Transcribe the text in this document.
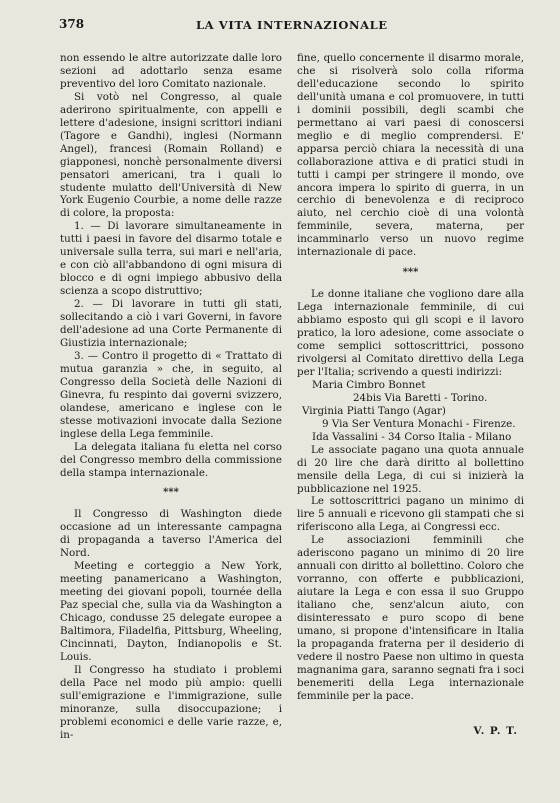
378	LA VITA INTERNAZIONALE

non essendo le altre autorizzate dalle loro sezioni ad adottarlo senza esame preventivo del loro Comitato nazionale.

Si votò nel Congresso, al quale aderirono spiritualmente, con appelli e lettere d'adesione, insigni scrittori indiani (Tagore e Gandhi), inglesi (Normann Angel), francesi (Romain Rolland) e giapponesi, nonchè personalmente diversi pensatori americani, tra i quali lo studente mulatto dell'Università di New York Eugenio Courbie, a nome delle razze di colore, la proposta:

1. — Di lavorare simultaneamente in tutti i paesi in favore del disarmo totale e universale sulla terra, sui mari e nell'aria, e con ciò all'abbandono di ogni misura di blocco e di ogni impiego abbusivo della scienza a scopo distruttivo;

2. — Di lavorare in tutti gli stati, sollecitando a ciò i vari Governi, in favore dell'adesione ad una Corte Permanente di Giustizia internazionale;

3. — Contro il progetto di « Trattato di mutua garanzia » che, in seguito, al Congresso della Società delle Nazioni di Ginevra, fu respinto dai governi svizzero, olandese, americano e inglese con le stesse motivazioni invocate dalla Sezione inglese della Lega femminile.

La delegata italiana fu eletta nel corso del Congresso membro della commissione della stampa internazionale.

***

Il Congresso di Washington diede occasione ad un interessante campagna di propaganda a taverso l'America del Nord.

Meeting e corteggio a New York, meeting panamericano a Washington, meeting dei giovani popoli, tournée della Paz special che, sulla via da Washington a Chicago, condusse 25 delegate europee a Baltimora, Filadelfia, Pittsburg, Wheeling, Cincinnati, Dayton, Indianopolis e St. Louis.

Il Congresso ha studiato i problemi della Pace nel modo più ampio: quelli sull'emigrazione e l'immigrazione, sulle minoranze, sulla disoccupazione; i problemi economici e delle varie razze, e, in-

fine, quello concernente il disarmo morale, che si risolverà solo colla riforma dell'educazione secondo lo spirito dell'unità umana e col promuovere, in tutti i dominii possibili, degli scambi che permettano ai vari paesi di conoscersi meglio e di meglio comprendersi. E' apparsa perciò chiara la necessità di una collaborazione attiva e di pratici studi in tutti i campi per stringere il mondo, ove ancora impera lo spirito di guerra, in un cerchio di benevolenza e di reciproco aiuto, nel cerchio cioè di una volontà femminile, severa, materna, per incamminarlo verso un nuovo regime internazionale di pace.

***

Le donne italiane che vogliono dare alla Lega internazionale femminile, di cui abbiamo esposto qui gli scopi e il lavoro pratico, la loro adesione, come associate o come semplici sottoscrittrici, possono rivolgersi al Comitato direttivo della Lega per l'Italia; scrivendo a questi indirizzi:

Maria Cimbro Bonnet

24bis Via Baretti - Torino.

Virginia Piatti Tango (Agar)

9 Via Ser Ventura Monachi - Firenze.

Ida Vassalini - 34 Corso Italia - Milano

Le associate pagano una quota annuale di 20 lire che darà diritto al bollettino mensile della Lega, di cui si inizierà la pubblicazione nel 1925.

Le sottoscrittrici pagano un minimo di lire 5 annuali e ricevono gli stampati che si riferiscono alla Lega, ai Congressi ecc.

Le associazioni femminili che aderiscono pagano un minimo di 20 lire annuali con diritto al bollettino. Coloro che vorranno, con offerte e pubblicazioni, aiutare la Lega e con essa il suo Gruppo italiano che, senz'alcun aiuto, con disinteressato e puro scopo di bene umano, si propone d'intensificare in Italia la propaganda fraterna per il desiderio di vedere il nostro Paese non ultimo in questa magnanima gara, saranno segnati fra i soci benemeriti della Lega internazionale femminile per la pace.

V. P. T.
